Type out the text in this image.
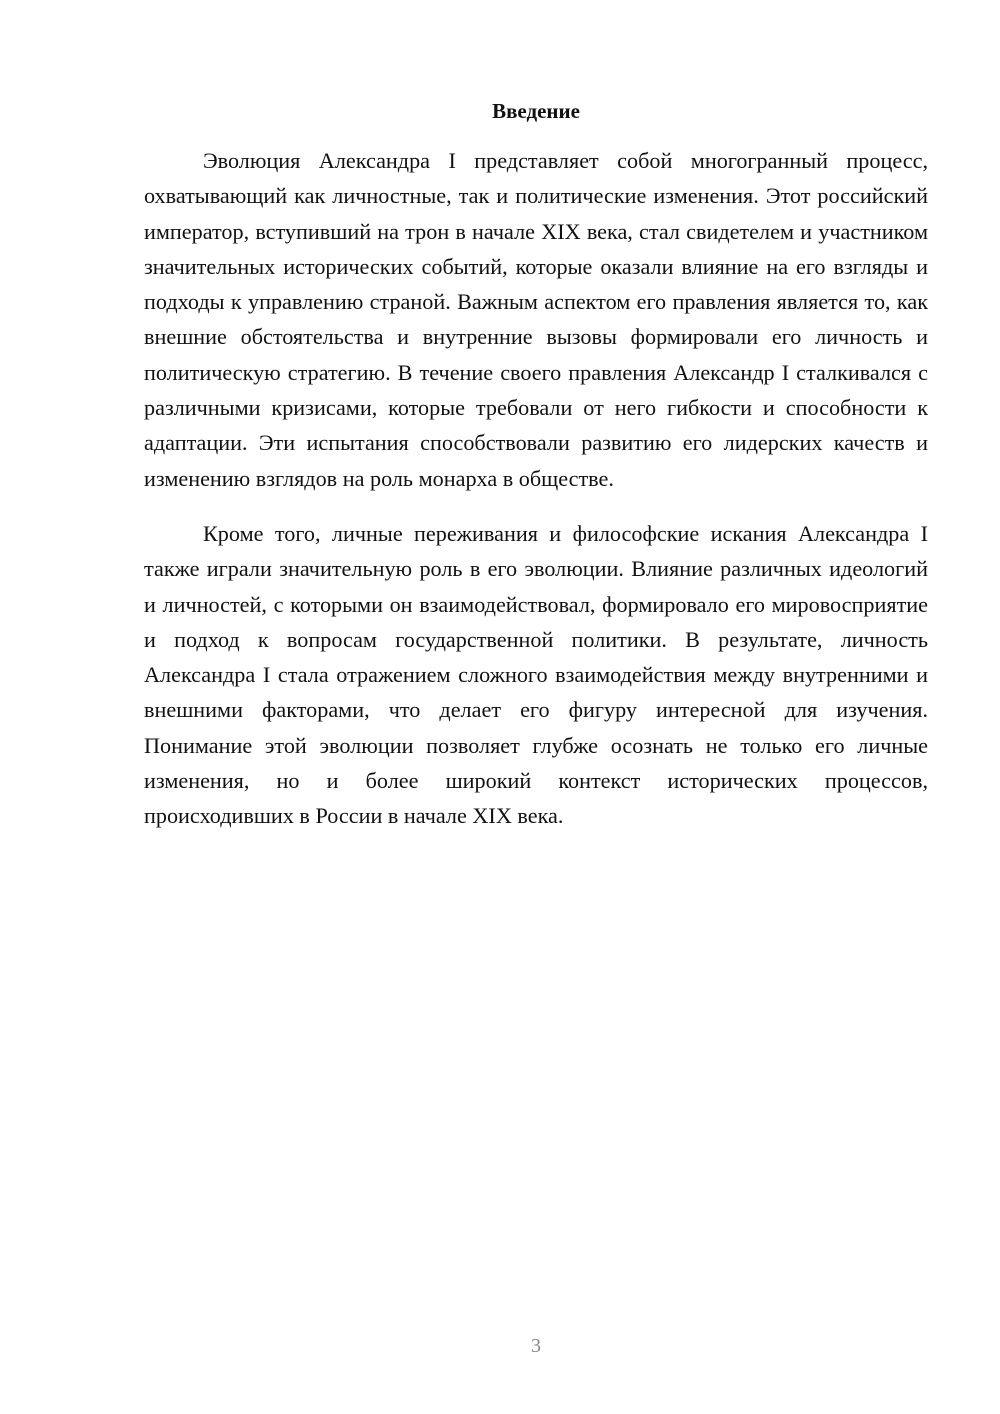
Введение

Эволюция Александра I представляет собой многогранный процесс, охватывающий как личностные, так и политические изменения. Этот российский император, вступивший на трон в начале XIX века, стал свидетелем и участником значительных исторических событий, которые оказали влияние на его взгляды и подходы к управлению страной. Важным аспектом его правления является то, как внешние обстоятельства и внутренние вызовы формировали его личность и политическую стратегию. В течение своего правления Александр I сталкивался с различными кризисами, которые требовали от него гибкости и способности к адаптации. Эти испытания способствовали развитию его лидерских качеств и изменению взглядов на роль монарха в обществе.

Кроме того, личные переживания и философские искания Александра I также играли значительную роль в его эволюции. Влияние различных идеологий и личностей, с которыми он взаимодействовал, формировало его мировосприятие и подход к вопросам государственной политики. В результате, личность Александра I стала отражением сложного взаимодействия между внутренними и внешними факторами, что делает его фигуру интересной для изучения. Понимание этой эволюции позволяет глубже осознать не только его личные изменения, но и более широкий контекст исторических процессов, происходивших в России в начале XIX века.

3
